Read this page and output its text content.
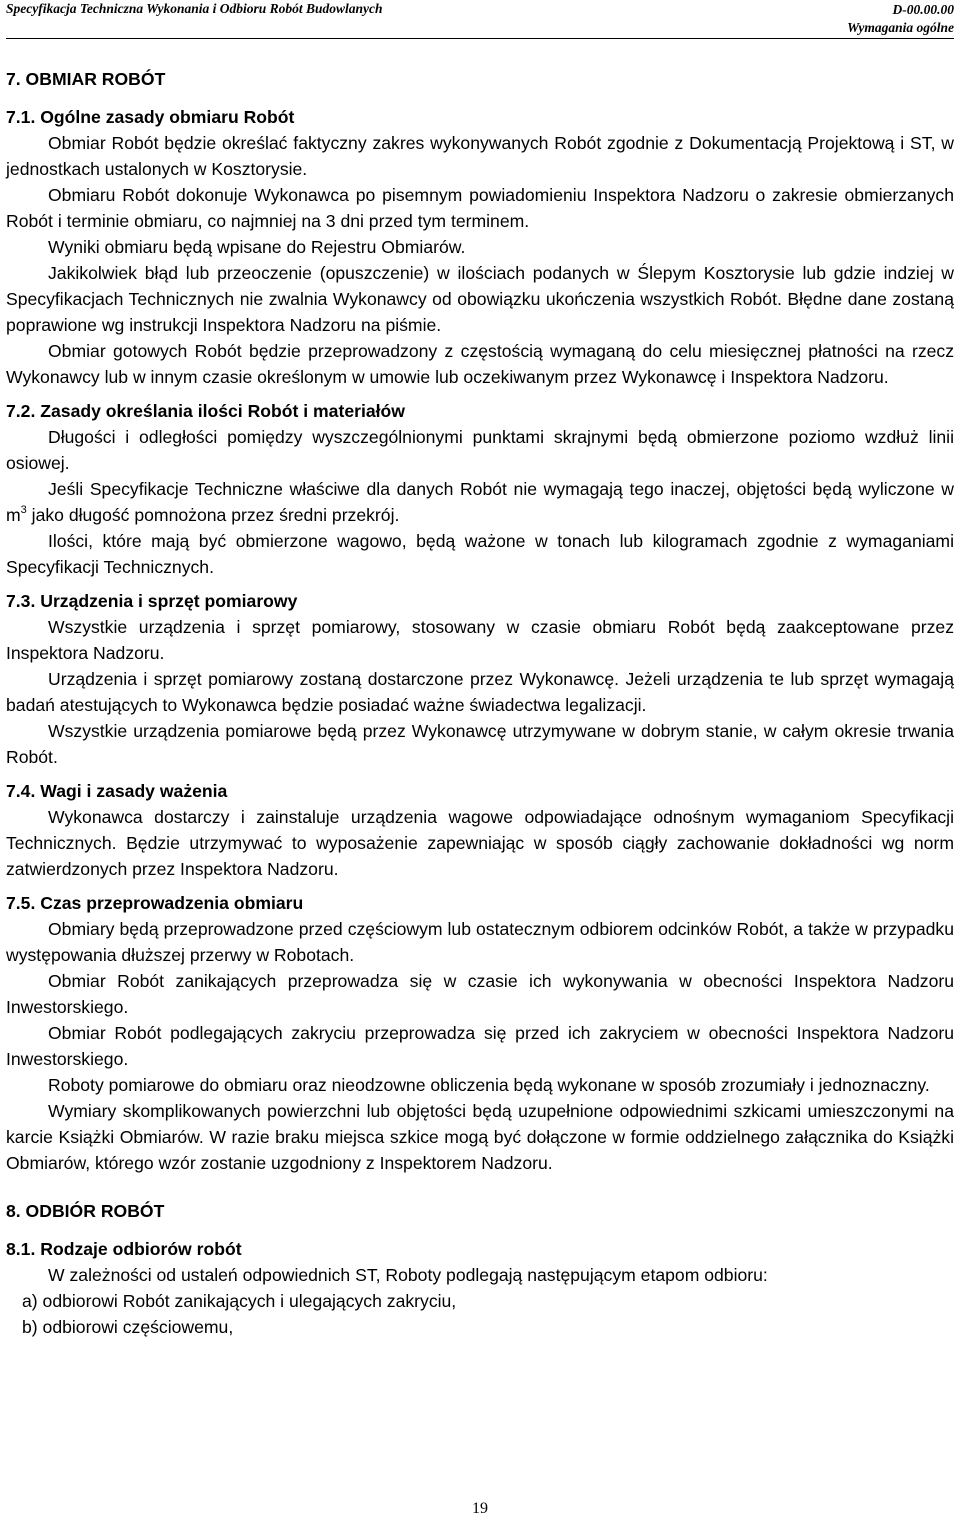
Specyfikacja Techniczna Wykonania i Odbioru Robót Budowlanych	D-00.00.00
Wymagania ogólne

7. OBMIAR ROBÓT

7.1. Ogólne zasady obmiaru Robót

Obmiar Robót będzie określać faktyczny zakres wykonywanych Robót zgodnie z Dokumentacją Projektową i ST, w jednostkach ustalonych w Kosztorysie.

Obmiaru Robót dokonuje Wykonawca po pisemnym powiadomieniu Inspektora Nadzoru o zakresie obmierzanych Robót i terminie obmiaru, co najmniej na 3 dni przed tym terminem.

Wyniki obmiaru będą wpisane do Rejestru Obmiarów.

Jakikolwiek błąd lub przeoczenie (opuszczenie) w ilościach podanych w Ślepym Kosztorysie lub gdzie indziej w Specyfikacjach Technicznych nie zwalnia Wykonawcy od obowiązku ukończenia wszystkich Robót. Błędne dane zostaną poprawione wg instrukcji Inspektora Nadzoru na piśmie.

Obmiar gotowych Robót będzie przeprowadzony z częstością wymaganą do celu miesięcznej płatności na rzecz Wykonawcy lub w innym czasie określonym w umowie lub oczekiwanym przez Wykonawcę i Inspektora Nadzoru.

7.2. Zasady określania ilości Robót i materiałów

Długości i odległości pomiędzy wyszczególnionymi punktami skrajnymi będą obmierzone poziomo wzdłuż linii osiowej.

Jeśli Specyfikacje Techniczne właściwe dla danych Robót nie wymagają tego inaczej, objętości będą wyliczone w $m^3$ jako długość pomnożona przez średni przekrój.

Ilości, które mają być obmierzone wagowo, będą ważone w tonach lub kilogramach zgodnie z wymaganiami Specyfikacji Technicznych.

7.3. Urządzenia i sprzęt pomiarowy

Wszystkie urządzenia i sprzęt pomiarowy, stosowany w czasie obmiaru Robót będą zaakceptowane przez Inspektora Nadzoru.

Urządzenia i sprzęt pomiarowy zostaną dostarczone przez Wykonawcę. Jeżeli urządzenia te lub sprzęt wymagają badań atestujących to Wykonawca będzie posiadać ważne świadectwa legalizacji.

Wszystkie urządzenia pomiarowe będą przez Wykonawcę utrzymywane w dobrym stanie, w całym okresie trwania Robót.

7.4. Wagi i zasady ważenia

Wykonawca dostarczy i zainstaluje urządzenia wagowe odpowiadające odnośnym wymaganiom Specyfikacji Technicznych. Będzie utrzymywać to wyposażenie zapewniając w sposób ciągły zachowanie dokładności wg norm zatwierdzonych przez Inspektora Nadzoru.

7.5. Czas przeprowadzenia obmiaru

Obmiary będą przeprowadzone przed częściowym lub ostatecznym odbiorem odcinków Robót, a także w przypadku występowania dłuższej przerwy w Robotach.

Obmiar Robót zanikających przeprowadza się w czasie ich wykonywania w obecności Inspektora Nadzoru Inwestorskiego.

Obmiar Robót podlegających zakryciu przeprowadza się przed ich zakryciem w obecności Inspektora Nadzoru Inwestorskiego.

Roboty pomiarowe do obmiaru oraz nieodzowne obliczenia będą wykonane w sposób zrozumiały i jednoznaczny.

Wymiary skomplikowanych powierzchni lub objętości będą uzupełnione odpowiednimi szkicami umieszczonymi na karcie Książki Obmiarów. W razie braku miejsca szkice mogą być dołączone w formie oddzielnego załącznika do Książki Obmiarów, którego wzór zostanie uzgodniony z Inspektorem Nadzoru.

8. ODBIÓR ROBÓT

8.1. Rodzaje odbiorów robót

W zależności od ustaleń odpowiednich ST, Roboty podlegają następującym etapom odbioru:

a) odbiorowi Robót zanikających i ulegających zakryciu,

b) odbiorowi częściowemu,

19
